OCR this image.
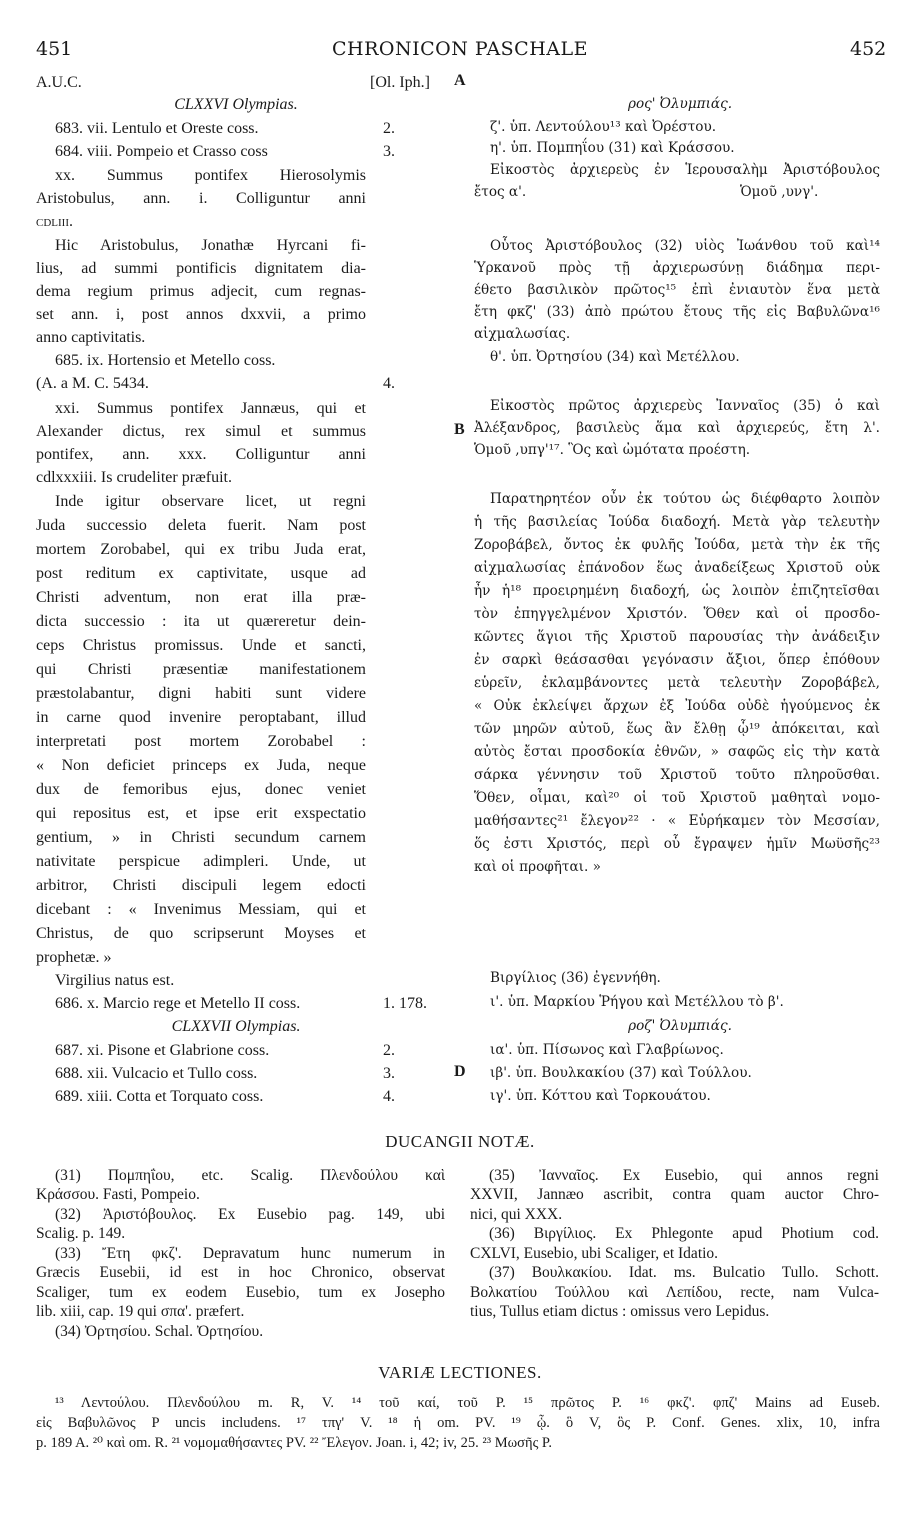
451	CHRONICON PASCHALE	452
A.U.C.	[Ol. Iph.] A
CLXXVI Olympias.
683. vii. Lentulo et Oreste coss.	2.
684. viii. Pompeio et Crasso coss	3.
xx. Summus pontifex Hierosolymis
Aristobulus, ann. i. Colliguntur anni
cdliii.
Hic Aristobulus, Jonathæ Hyrcani fi-
lius, ad summi pontificis dignitatem dia-
dema regium primus adjecit, cum regnas-
set ann. i, post annos dxxvii, a primo
anno captivitatis.
685. ix. Hortensio et Metello coss.
(A. a M. C. 5434.	4.
xxi. Summus pontifex Jannæus, qui et
Alexander dictus, rex simul et summus
pontifex, ann. xxx. Colliguntur anni
cdlxxxiii. Is crudeliter præfuit.
B
Inde igitur observare licet, ut regni
Juda successio deleta fuerit. Nam post
mortem Zorobabel, qui ex tribu Juda erat,
post reditum ex captivitate, usque ad
Christi adventum, non erat illa præ-
dicta successio : ita ut quæreretur dein-
ceps Christus promissus. Unde et sancti,
qui Christi præsentiæ manifestationem
præstolabantur, digni habiti sunt videre
in carne quod invenire peroptabant, illud
interpretati post mortem Zorobabel :
« Non deficiet princeps ex Juda, neque
dux de femoribus ejus, donec veniet
qui repositus est, et ipse erit exspectatio
gentium, » in Christi secundum carnem
nativitate perspicue adimpleri. Unde, ut
arbitror, Christi discipuli legem edocti
dicebant : « Invenimus Messiam, qui et
Christus, de quo scripserunt Moyses et
prophetæ. »
Virgilius natus est.
686. x. Marcio rege et Metello II coss.	1. 178.
CLXXVII Olympias.
687. xi. Pisone et Glabrione coss.	2.
688. xii. Vulcacio et Tullo coss.	3.	D
689. xiii. Cotta et Torquato coss.	4.
ρος' Ὀλυμπιάς.
ζ'. ὑπ. Λεντούλου¹³ καὶ Ὀρέστου.
η'. ὑπ. Πομπηΐου (31) καὶ Κράσσου.
Εἰκοστὸς ἀρχιερεὺς ἐν Ἱερουσαλὴμ Ἀριστόβουλος
ἔτος α'.	Ὁμοῦ ,υνγ'.
Οὗτος Ἀριστόβουλος (32) υἱὸς Ἰωάνθου τοῦ καὶ¹⁴
Ὑρκανοῦ πρὸς τῇ ἀρχιερωσύνῃ διάδημα περι-
έθετο βασιλικὸν πρῶτος¹⁵ ἐπὶ ἐνιαυτὸν ἕνα μετὰ
ἔτη φκζ' (33) ἀπὸ πρώτου ἔτους τῆς εἰς Βαβυλῶνα¹⁶
αἰχμαλωσίας.
θ'. ὑπ. Ὀρτησίου (34) καὶ Μετέλλου.
Εἰκοστὸς πρῶτος ἀρχιερεὺς Ἰανναῖος (35) ὁ καὶ
Ἀλέξανδρος, βασιλεὺς ἅμα καὶ ἀρχιερεύς, ἔτη λ'.
Ὁμοῦ ,υπγ'¹⁷. Ὃς καὶ ὠμότατα προέστη.
Παρατηρητέον οὖν ἐκ τούτου ὡς διέφθαρτο λοιπὸν
ἡ τῆς βασιλείας Ἰούδα διαδοχή. Μετὰ γὰρ τελευτὴν
Ζοροβάβελ, ὄντος ἐκ φυλῆς Ἰούδα, μετὰ τὴν ἐκ τῆς
αἰχμαλωσίας ἐπάνοδον ἕως ἀναδείξεως Χριστοῦ οὐκ
ἦν ἡ¹⁸ προειρημένη διαδοχή, ὡς λοιπὸν ἐπιζητεῖσθαι
τὸν ἐπηγγελμένον Χριστόν. Ὅθεν καὶ οἱ προσδο-
κῶντες ἅγιοι τῆς Χριστοῦ παρουσίας τὴν ἀνάδειξιν
ἐν σαρκὶ θεάσασθαι γεγόνασιν ἄξιοι, ὅπερ ἐπόθουν
εὑρεῖν, ἐκλαμβάνοντες μετὰ τελευτὴν Ζοροβάβελ,
« Οὐκ ἐκλείψει ἄρχων ἐξ Ἰούδα οὐδὲ ἡγούμενος ἐκ
τῶν μηρῶν αὐτοῦ, ἕως ἂν ἔλθῃ ᾧ¹⁹ ἀπόκειται, καὶ
αὐτὸς ἔσται προσδοκία ἐθνῶν, » σαφῶς εἰς τὴν κατὰ
σάρκα γέννησιν τοῦ Χριστοῦ τοῦτο πληροῦσθαι.
Ὅθεν, οἶμαι, καὶ²⁰ οἱ τοῦ Χριστοῦ μαθηταὶ νομο-
μαθήσαντες²¹ ἔλεγον²² · « Εὑρήκαμεν τὸν Μεσσίαν,
ὅς ἐστι Χριστός, περὶ οὗ ἔγραψεν ἡμῖν Μωϋσῆς²³
καὶ οἱ προφῆται. »
Βιργίλιος (36) ἐγεννήθη.
ι'. ὑπ. Μαρκίου Ῥήγου καὶ Μετέλλου τὸ β'.
ροζ' Ὀλυμπιάς.
ια'. ὑπ. Πίσωνος καὶ Γλαβρίωνος.
ιβ'. ὑπ. Βουλκακίου (37) καὶ Τούλλου.
ιγ'. ὑπ. Κόττου καὶ Τορκουάτου.
DUCANGII NOTÆ.
(31) Πομπηΐου, etc. Scalig. Πλενδούλου καὶ
Κράσσου. Fasti, Pompeio.
(32) Ἀριστόβουλος. Ex Eusebio pag. 149, ubi
Scalig. p. 149.
(33) Ἔτη φκζ'. Depravatum hunc numerum in
Græcis Eusebii, id est in hoc Chronico, observat
Scaliger, tum ex eodem Eusebio, tum ex Josepho
lib. xiii, cap. 19 qui σπα'. præfert.
(34) Ὀρτησίου. Schal. Ὀρτησίου.
(35) Ἰανναῖος. Ex Eusebio, qui annos regni
XXVII, Jannæo ascribit, contra quam auctor Chro-
nici, qui XXX.
(36) Βιργίλιος. Ex Phlegonte apud Photium cod.
CXLVI, Eusebio, ubi Scaliger, et Idatio.
(37) Βουλκακίου. Idat. ms. Bulcatio Tullo. Schott.
Βολκατίου Τούλλου καὶ Λεπίδου, recte, nam Vulca-
tius, Tullus etiam dictus : omissus vero Lepidus.
VARIÆ LECTIONES.
¹³ Λεντούλου. Πλενδούλου m. R, V. ¹⁴ τοῦ καί, τοῦ P. ¹⁵ πρῶτος P. ¹⁶ φκζ'. φπζ' Mains ad Euseb.
εἰς Βαβυλῶνος P uncis includens. ¹⁷ τπγ' V. ¹⁸ ἡ om. PV. ¹⁹ ᾧ. ὃ V, ὃς P. Conf. Genes. xlix, 10, infra
p. 189 A. ²⁰ καὶ om. R. ²¹ νομομαθήσαντες PV. ²² Ἔλεγον. Joan. i, 42; iv, 25. ²³ Μωσῆς P.
